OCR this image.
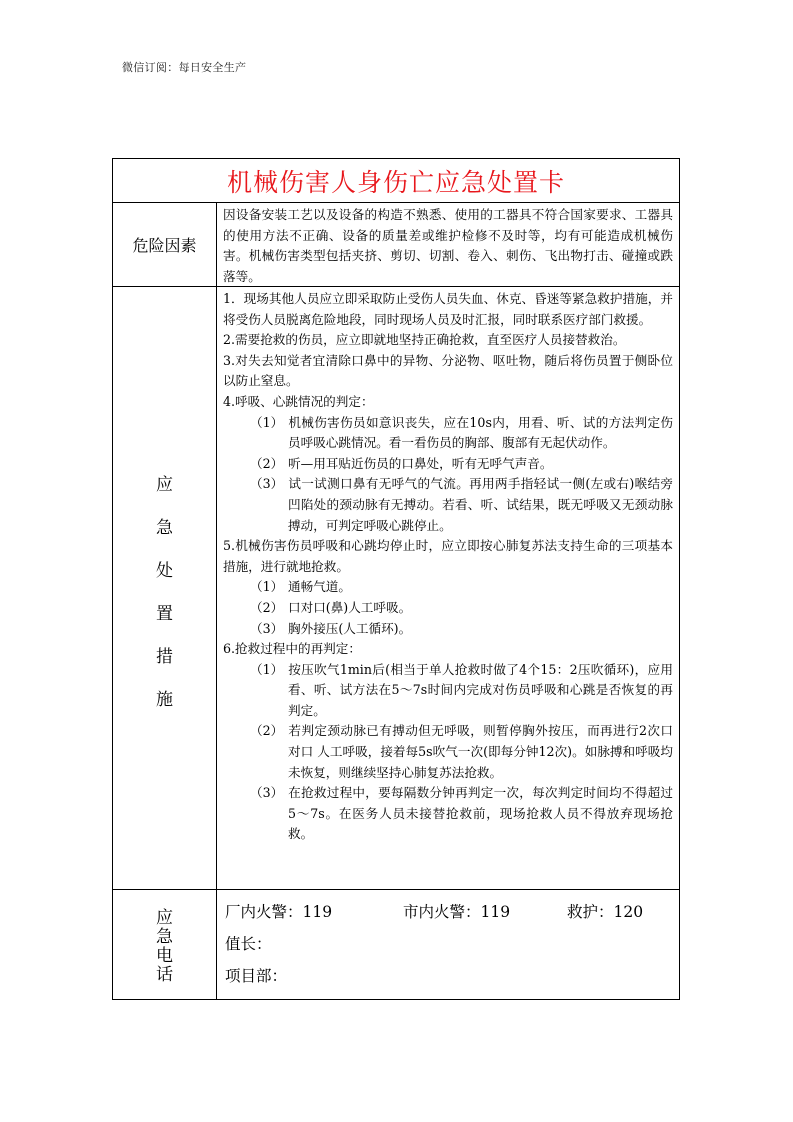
微信订阅：每日安全生产
机械伤害人身伤亡应急处置卡
危险因素
因设备安装工艺以及设备的构造不熟悉、使用的工器具不符合国家要求、工器具的使用方法不正确、设备的质量差或维护检修不及时等，均有可能造成机械伤害。机械伤害类型包括夹挤、剪切、切割、卷入、刺伤、飞出物打击、碰撞或跌落等。
应
急
处
置
措
施

1．现场其他人员应立即采取防止受伤人员失血、休克、昏迷等紧急救护措施，并将受伤人员脱离危险地段，同时现场人员及时汇报，同时联系医疗部门救援。

2.需要抢救的伤员，应立即就地坚持正确抢救，直至医疗人员接替救治。

3.对失去知觉者宜清除口鼻中的异物、分泌物、呕吐物，随后将伤员置于侧卧位以防止窒息。

4.呼吸、心跳情况的判定：

（1） 机械伤害伤员如意识丧失，应在10s内，用看、听、试的方法判定伤员呼吸心跳情况。看一看伤员的胸部、腹部有无起伏动作。

（2） 听—用耳贴近伤员的口鼻处，听有无呼气声音。

（3） 试一试测口鼻有无呼气的气流。再用两手指轻试一侧(左或右)喉结旁凹陷处的颈动脉有无搏动。若看、听、试结果，既无呼吸又无颈动脉搏动，可判定呼吸心跳停止。

5.机械伤害伤员呼吸和心跳均停止时，应立即按心肺复苏法支持生命的三项基本措施，进行就地抢救。

（1） 通畅气道。

（2） 口对口(鼻)人工呼吸。

（3） 胸外接压(人工循环)。

6.抢救过程中的再判定：

（1） 按压吹气1min后(相当于单人抢救时做了4个15：2压吹循环)，应用看、听、试方法在5～7s时间内完成对伤员呼吸和心跳是否恢复的再判定。

（2） 若判定颈动脉已有搏动但无呼吸，则暂停胸外按压，而再进行2次口对口 人工呼吸，接着每5s吹气一次(即每分钟12次)。如脉搏和呼吸均未恢复，则继续坚持心肺复苏法抢救。

（3） 在抢救过程中，要每隔数分钟再判定一次，每次判定时间均不得超过5～7s。在医务人员未接替抢救前，现场抢救人员不得放弃现场抢救。

应
急
电
话
厂内火警：119	市内火警：119	救护：120
值长：
项目部：
